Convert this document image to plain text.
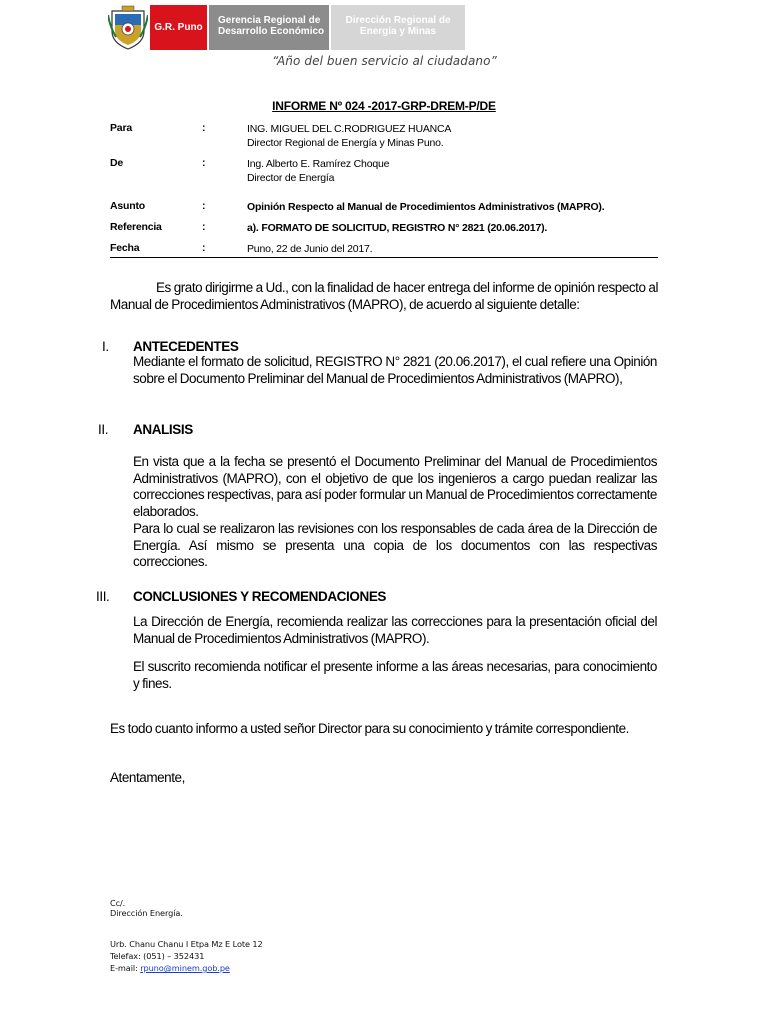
G.R. Puno
Gerencia Regional de
Desarrollo Económico
Dirección Regional de
Energía y Minas
“Año del buen servicio al ciudadano”
INFORME Nº 024 -2017-GRP-DREM-P/DE
Para	:	ING. MIGUEL DEL C.RODRIGUEZ HUANCA
Director Regional de Energía y Minas Puno.
De	:	Ing. Alberto E. Ramírez Choque
Director de Energía
Asunto	:	Opinión Respecto al Manual de Procedimientos Administrativos (MAPRO).
Referencia	:	a). FORMATO DE SOLICITUD, REGISTRO N° 2821 (20.06.2017).
Fecha	:	Puno, 22 de Junio del 2017.
Es grato dirigirme a Ud., con la finalidad de hacer entrega del informe de opinión respecto al Manual de Procedimientos Administrativos (MAPRO), de acuerdo al siguiente detalle:
I. ANTECEDENTES
Mediante el formato de solicitud, REGISTRO N° 2821 (20.06.2017), el cual refiere una Opinión sobre el Documento Preliminar del Manual de Procedimientos Administrativos (MAPRO),
II. ANALISIS
En vista que a la fecha se presentó el Documento Preliminar del Manual de Procedimientos Administrativos (MAPRO), con el objetivo de que los ingenieros a cargo puedan realizar las correcciones respectivas, para así poder formular un Manual de Procedimientos correctamente elaborados.
Para lo cual se realizaron las revisiones con los responsables de cada área de la Dirección de Energía. Así mismo se presenta una copia de los documentos con las respectivas correcciones.
III. CONCLUSIONES Y RECOMENDACIONES
La Dirección de Energía, recomienda realizar las correcciones para la presentación oficial del Manual de Procedimientos Administrativos (MAPRO).
El suscrito recomienda notificar el presente informe a las áreas necesarias, para conocimiento y fines.
Es todo cuanto informo a usted señor Director para su conocimiento y trámite correspondiente.
Atentamente,
Cc/.
Dirección Energía.
Urb. Chanu Chanu I Etpa Mz E Lote 12
Telefax: (051) – 352431
E-mail: rpuno@minem.gob.pe
